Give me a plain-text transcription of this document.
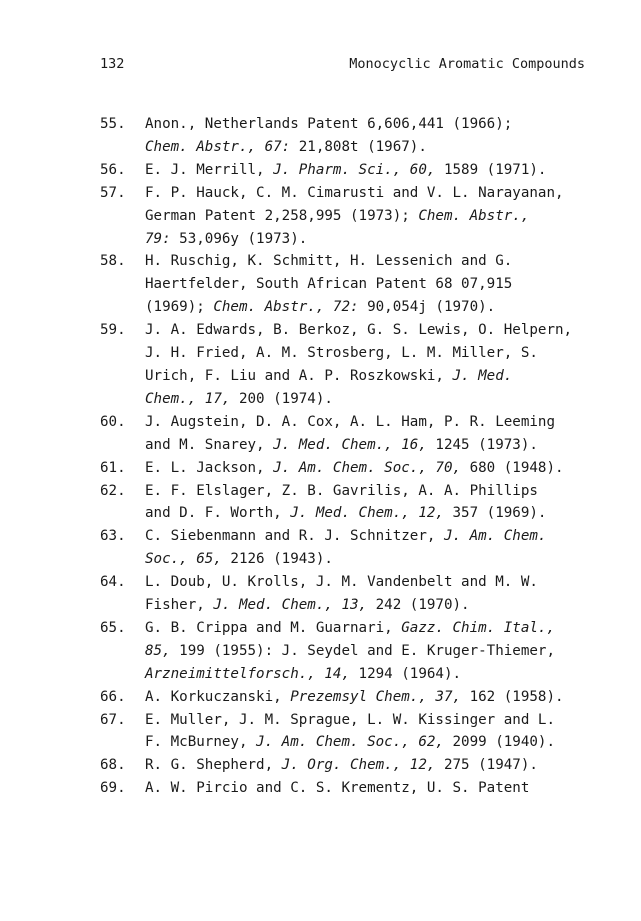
132	Monocyclic Aromatic Compounds
55.	Anon., Netherlands Patent 6,606,441 (1966);
Chem. Abstr., 67: 21,808t (1967).
56.	E. J. Merrill, J. Pharm. Sci., 60, 1589 (1971).
57.	F. P. Hauck, C. M. Cimarusti and V. L. Narayanan,
German Patent 2,258,995 (1973); Chem. Abstr.,
79: 53,096y (1973).
58.	H. Ruschig, K. Schmitt, H. Lessenich and G.
Haertfelder, South African Patent 68 07,915
(1969); Chem. Abstr., 72: 90,054j (1970).
59.	J. A. Edwards, B. Berkoz, G. S. Lewis, O. Helpern,
J. H. Fried, A. M. Strosberg, L. M. Miller, S.
Urich, F. Liu and A. P. Roszkowski, J. Med.
Chem., 17, 200 (1974).
60.	J. Augstein, D. A. Cox, A. L. Ham, P. R. Leeming
and M. Snarey, J. Med. Chem., 16, 1245 (1973).
61.	E. L. Jackson, J. Am. Chem. Soc., 70, 680 (1948).
62.	E. F. Elslager, Z. B. Gavrilis, A. A. Phillips
and D. F. Worth, J. Med. Chem., 12, 357 (1969).
63.	C. Siebenmann and R. J. Schnitzer, J. Am. Chem.
Soc., 65, 2126 (1943).
64.	L. Doub, U. Krolls, J. M. Vandenbelt and M. W.
Fisher, J. Med. Chem., 13, 242 (1970).
65.	G. B. Crippa and M. Guarnari, Gazz. Chim. Ital.,
85, 199 (1955): J. Seydel and E. Kruger-Thiemer,
Arzneimittelforsch., 14, 1294 (1964).
66.	A. Korkuczanski, Prezemsyl Chem., 37, 162 (1958).
67.	E. Muller, J. M. Sprague, L. W. Kissinger and L.
F. McBurney, J. Am. Chem. Soc., 62, 2099 (1940).
68.	R. G. Shepherd, J. Org. Chem., 12, 275 (1947).
69.	A. W. Pircio and C. S. Krementz, U. S. Patent
